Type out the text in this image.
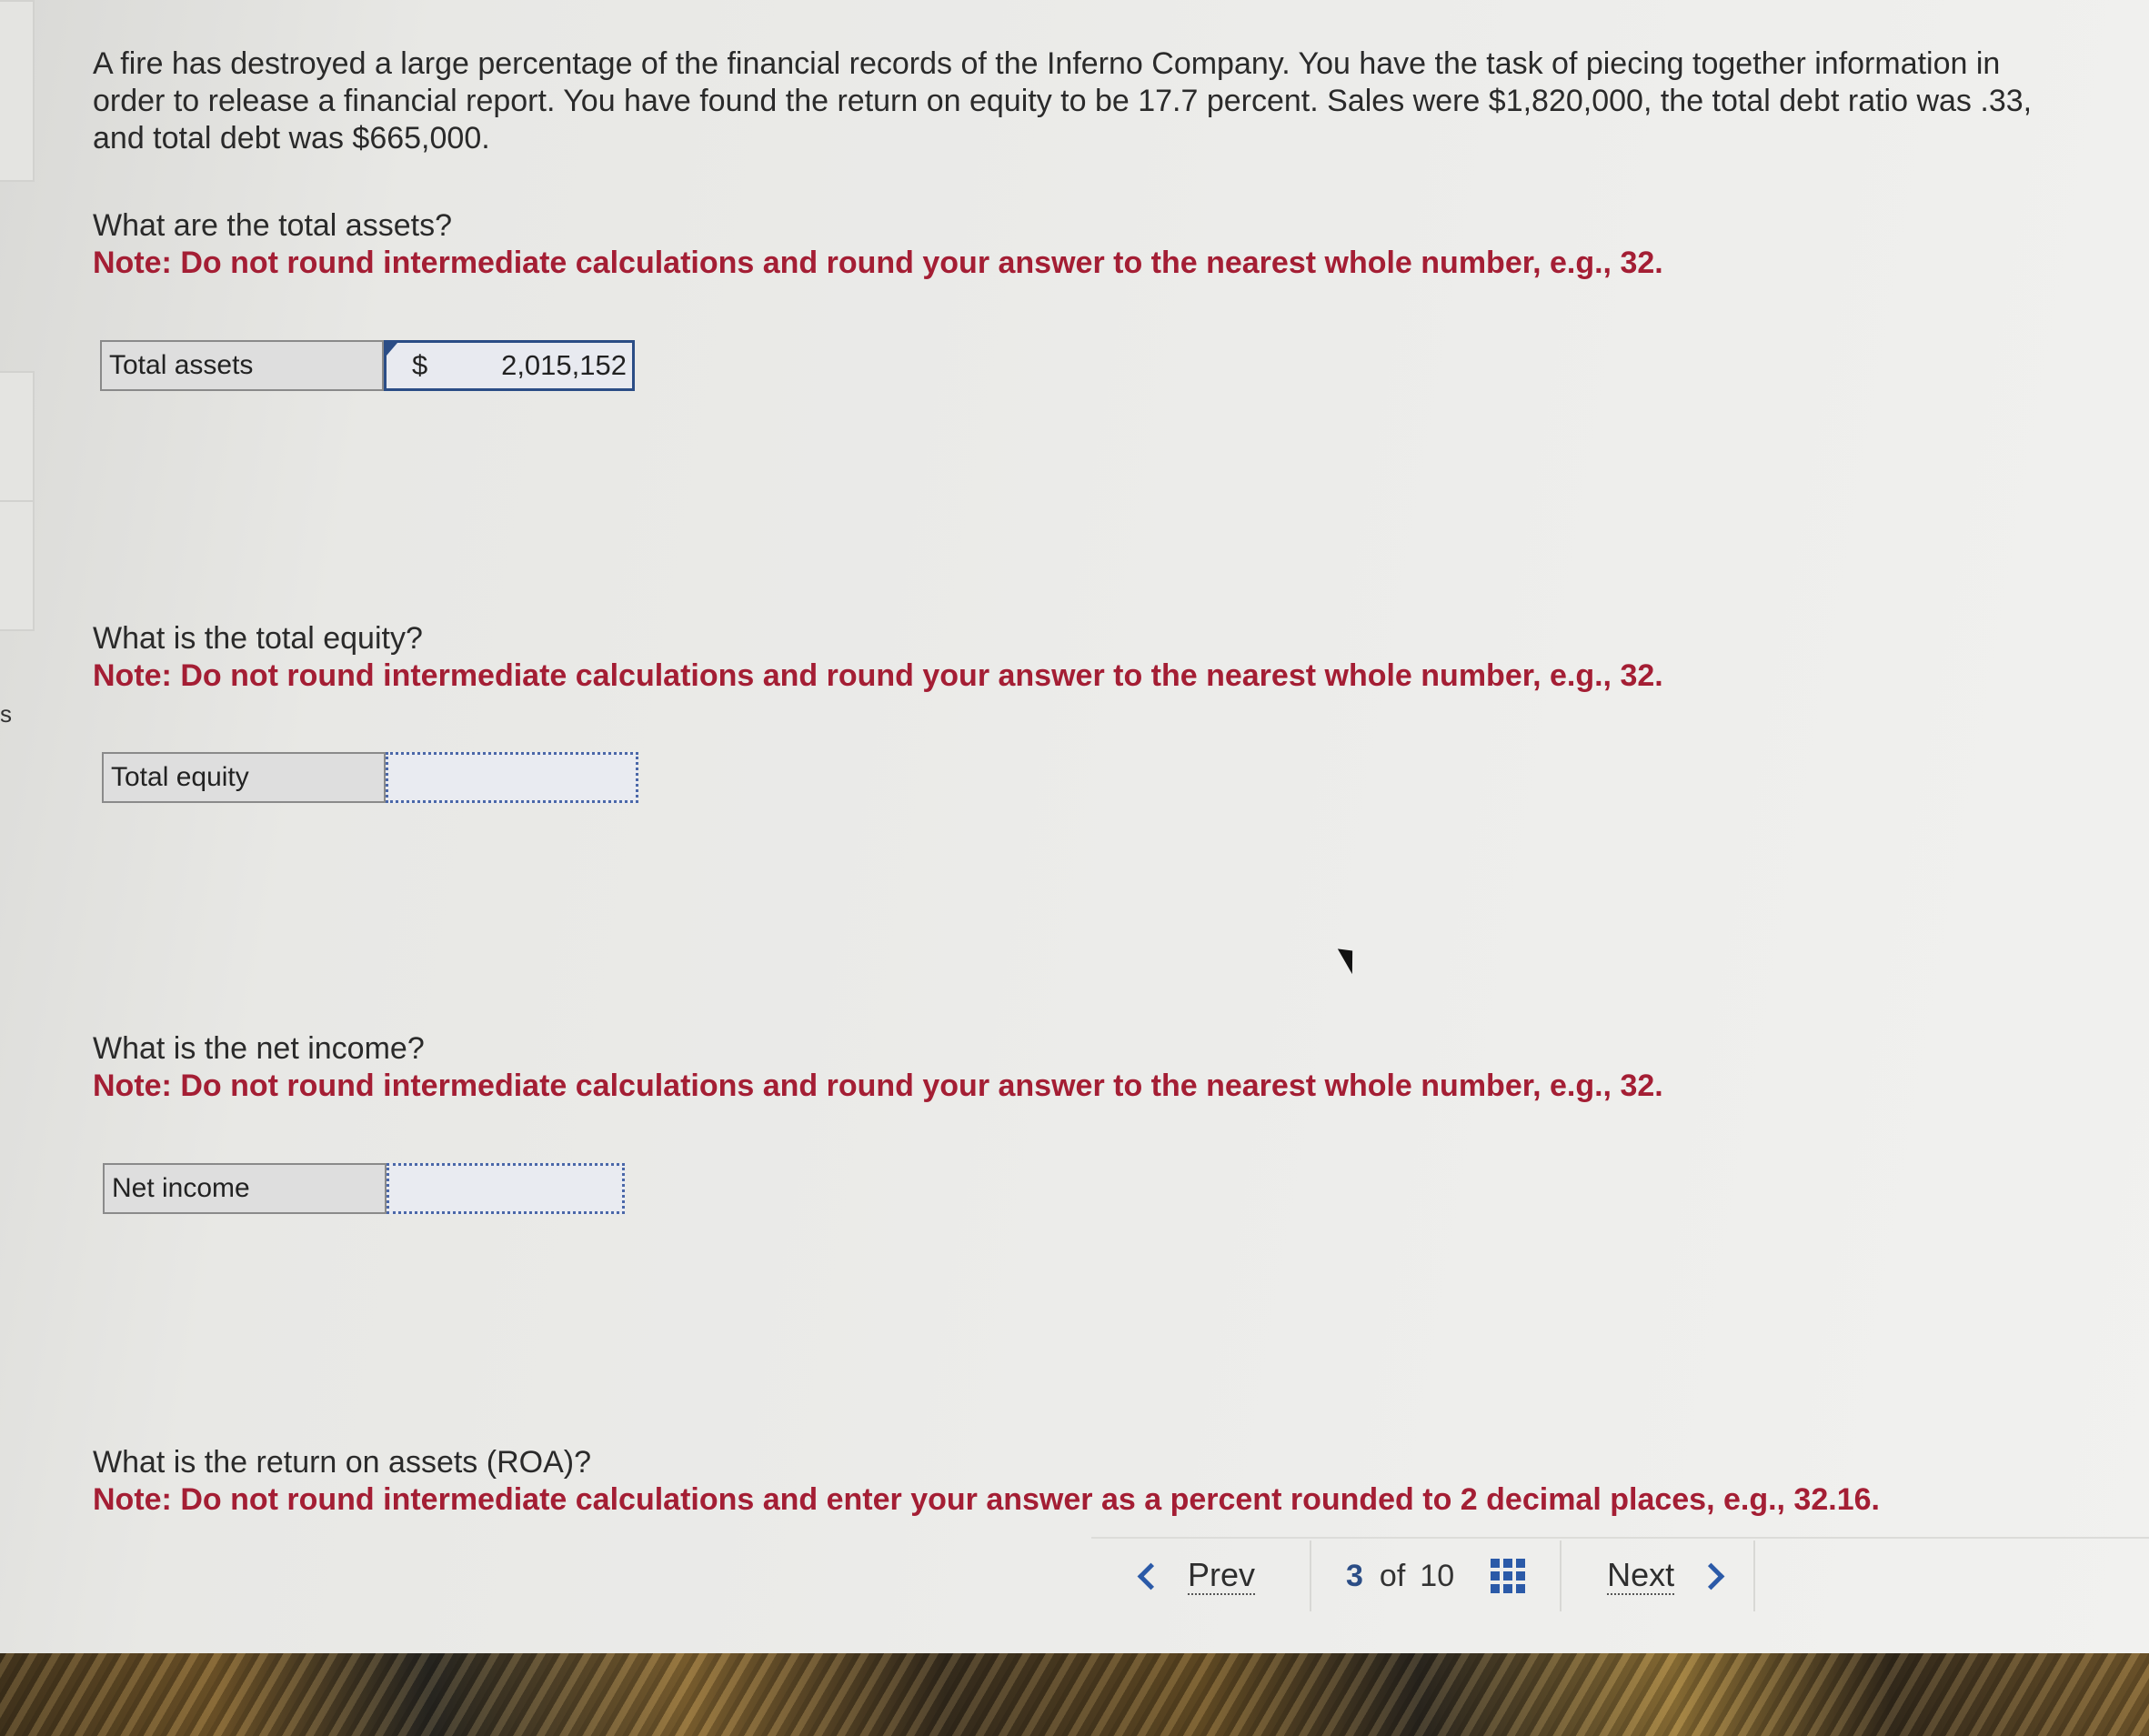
s
A fire has destroyed a large percentage of the financial records of the Inferno Company. You have the task of piecing together information in order to release a financial report. You have found the return on equity to be 17.7 percent. Sales were $1,820,000, the total debt ratio was .33, and total debt was $665,000.
What are the total assets?
Note: Do not round intermediate calculations and round your answer to the nearest whole number, e.g., 32.
Total assets	$	2,015,152
What is the total equity?
Note: Do not round intermediate calculations and round your answer to the nearest whole number, e.g., 32.
Total equity
What is the net income?
Note: Do not round intermediate calculations and round your answer to the nearest whole number, e.g., 32.
Net income
What is the return on assets (ROA)?
Note: Do not round intermediate calculations and enter your answer as a percent rounded to 2 decimal places, e.g., 32.16.
Prev	3 of 10	Next
